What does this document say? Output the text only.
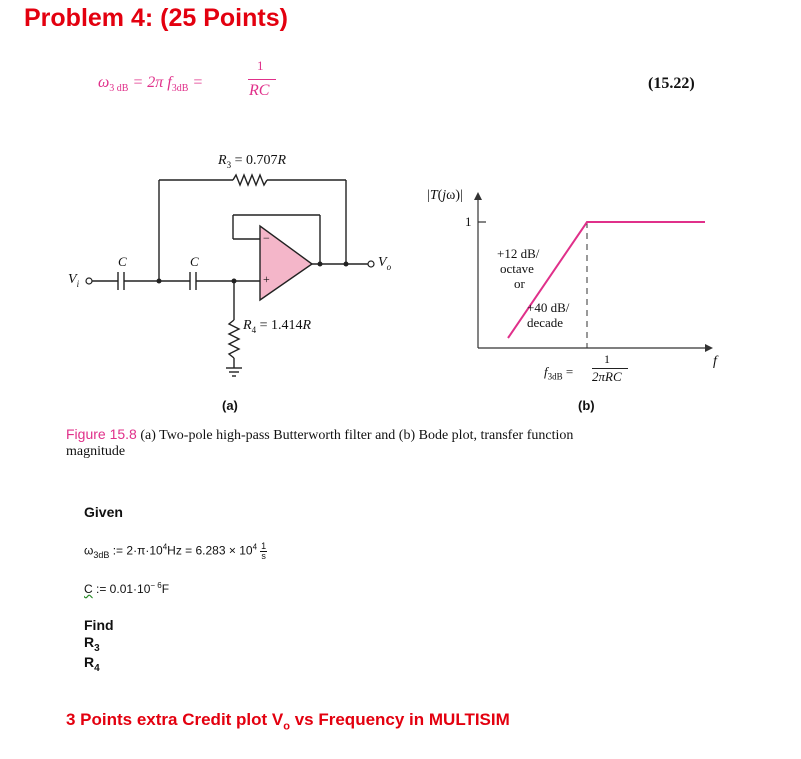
Problem 4: (25 Points)
$\omega_{3 dB} = 2\pi$ $f_{3dB}$ =
1
RC	(15.22)
$R_3 = 0.707R$
C	C
$V_i$
$V_o$
−
+
$R_4 = 1.414R$
(a)
|T(jω)|
1
+12 dB/
octave
or
+40 dB/
decade
$f_{3dB}$ =
1
2πRC
f
(b)
Figure 15.8 (a) Two-pole high-pass Butterworth filter and (b) Bode plot, transfer function
magnitude
Given
$\omega_{3dB}$ := $2\cdot\pi\cdot 10^4Hz = 6.283 \times 10^4$ 1
s
C := $0.01\cdot 10^{- 6}F$
Find
$R_3$
$R_4$
3 Points extra Credit plot $V_o$ vs Frequency in MULTISIM
